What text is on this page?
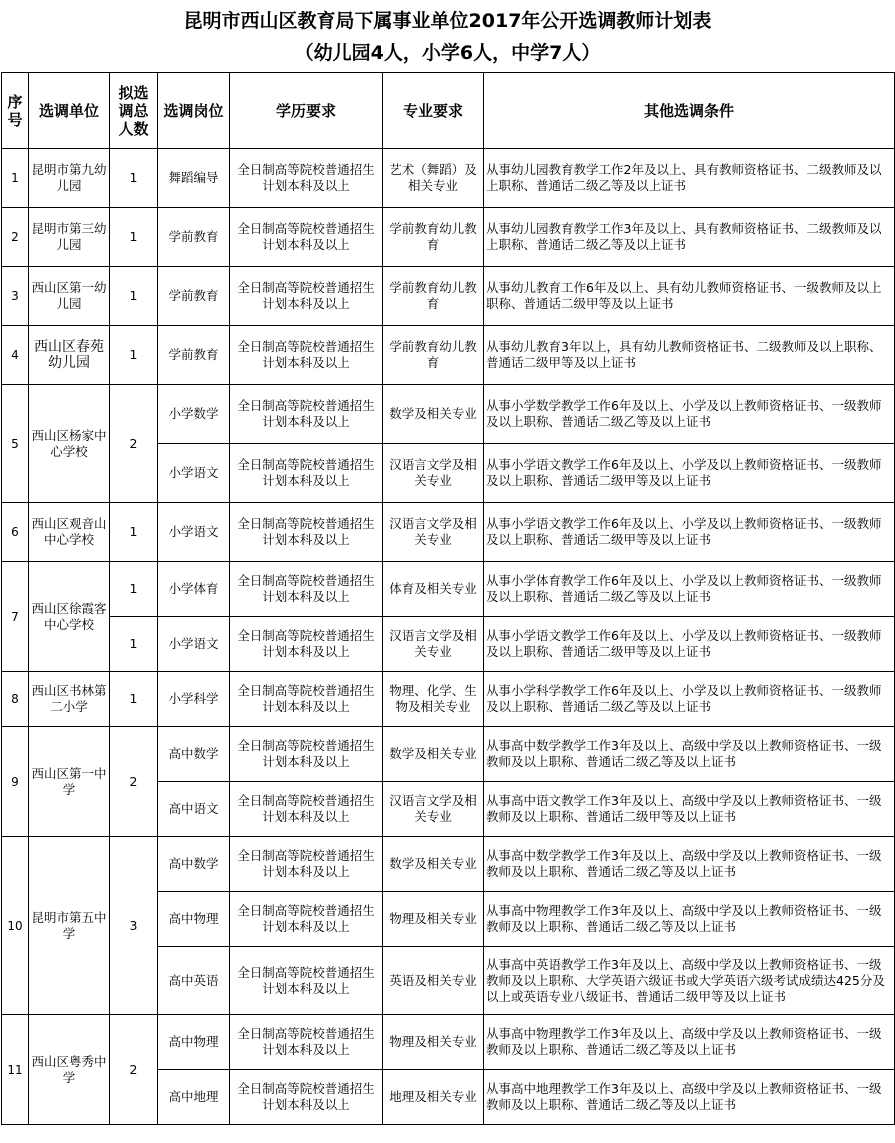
昆明市西山区教育局下属事业单位2017年公开选调教师计划表
（幼儿园4人，小学6人，中学7人）
序号	选调单位	拟选调总人数	选调岗位	学历要求	专业要求	其他选调条件
1	昆明市第九幼儿园	1	舞蹈编导	全日制高等院校普通招生计划本科及以上	艺术（舞蹈）及相关专业	从事幼儿园教育教学工作2年及以上、具有教师资格证书、二级教师及以上职称、普通话二级乙等及以上证书
2	昆明市第三幼儿园	1	学前教育	全日制高等院校普通招生计划本科及以上	学前教育幼儿教育	从事幼儿园教育教学工作3年及以上、具有教师资格证书、二级教师及以上职称、普通话二级乙等及以上证书
3	西山区第一幼儿园	1	学前教育	全日制高等院校普通招生计划本科及以上	学前教育幼儿教育	从事幼儿教育工作6年及以上、具有幼儿教师资格证书、一级教师及以上职称、普通话二级甲等及以上证书
4	西山区春苑幼儿园	1	学前教育	全日制高等院校普通招生计划本科及以上	学前教育幼儿教育	从事幼儿教育3年以上，具有幼儿教师资格证书、二级教师及以上职称、普通话二级甲等及以上证书
5	西山区杨家中心学校	2	小学数学	全日制高等院校普通招生计划本科及以上	数学及相关专业	从事小学数学教学工作6年及以上、小学及以上教师资格证书、一级教师及以上职称、普通话二级乙等及以上证书
			小学语文	全日制高等院校普通招生计划本科及以上	汉语言文学及相关专业	从事小学语文教学工作6年及以上、小学及以上教师资格证书、一级教师及以上职称、普通话二级甲等及以上证书
6	西山区观音山中心学校	1	小学语文	全日制高等院校普通招生计划本科及以上	汉语言文学及相关专业	从事小学语文教学工作6年及以上、小学及以上教师资格证书、一级教师及以上职称、普通话二级甲等及以上证书
7	西山区徐霞客中心学校	1	小学体育	全日制高等院校普通招生计划本科及以上	体育及相关专业	从事小学体育教学工作6年及以上、小学及以上教师资格证书、一级教师及以上职称、普通话二级乙等及以上证书
		1	小学语文	全日制高等院校普通招生计划本科及以上	汉语言文学及相关专业	从事小学语文教学工作6年及以上、小学及以上教师资格证书、一级教师及以上职称、普通话二级甲等及以上证书
8	西山区书林第二小学	1	小学科学	全日制高等院校普通招生计划本科及以上	物理、化学、生物及相关专业	从事小学科学教学工作6年及以上、小学及以上教师资格证书、一级教师及以上职称、普通话二级乙等及以上证书
9	西山区第一中学	2	高中数学	全日制高等院校普通招生计划本科及以上	数学及相关专业	从事高中数学教学工作3年及以上、高级中学及以上教师资格证书、一级教师及以上职称、普通话二级乙等及以上证书
			高中语文	全日制高等院校普通招生计划本科及以上	汉语言文学及相关专业	从事高中语文教学工作3年及以上、高级中学及以上教师资格证书、一级教师及以上职称、普通话二级甲等及以上证书
10	昆明市第五中学	3	高中数学	全日制高等院校普通招生计划本科及以上	数学及相关专业	从事高中数学教学工作3年及以上、高级中学及以上教师资格证书、一级教师及以上职称、普通话二级乙等及以上证书
			高中物理	全日制高等院校普通招生计划本科及以上	物理及相关专业	从事高中物理教学工作3年及以上、高级中学及以上教师资格证书、一级教师及以上职称、普通话二级乙等及以上证书
			高中英语	全日制高等院校普通招生计划本科及以上	英语及相关专业	从事高中英语教学工作3年及以上、高级中学及以上教师资格证书、一级教师及以上职称、大学英语六级证书或大学英语六级考试成绩达425分及以上或英语专业八级证书、普通话二级甲等及以上证书
11	西山区粤秀中学	2	高中物理	全日制高等院校普通招生计划本科及以上	物理及相关专业	从事高中物理教学工作3年及以上、高级中学及以上教师资格证书、一级教师及以上职称、普通话二级乙等及以上证书
			高中地理	全日制高等院校普通招生计划本科及以上	地理及相关专业	从事高中地理教学工作3年及以上、高级中学及以上教师资格证书、一级教师及以上职称、普通话二级乙等及以上证书
